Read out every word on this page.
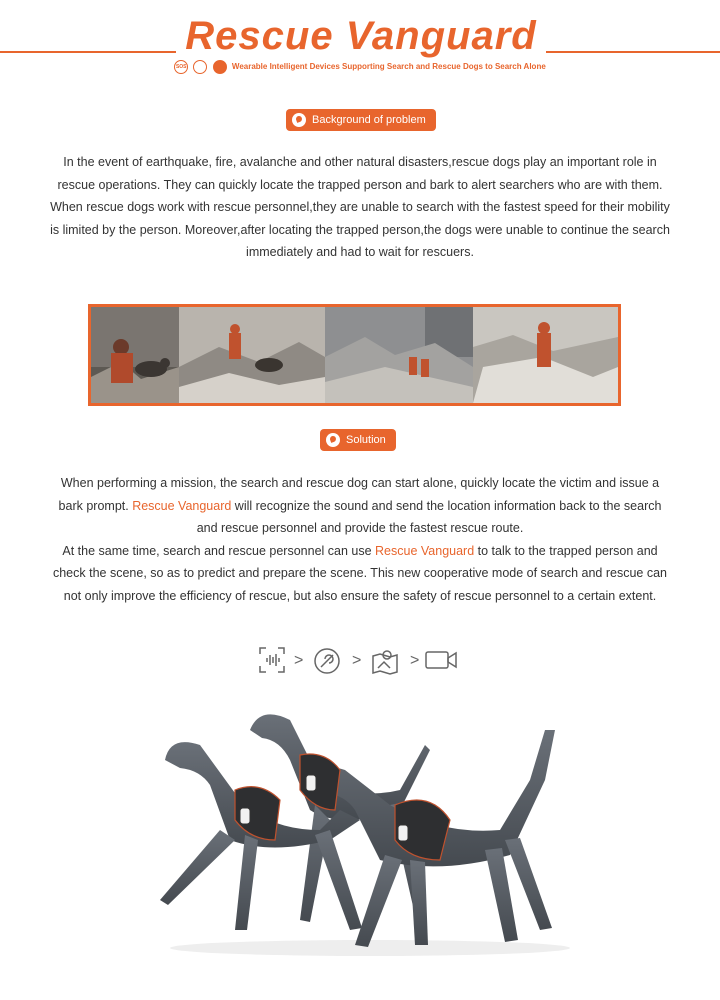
Rescue Vanguard
SOS	Wearable Intelligent Devices Supporting Search and Rescue Dogs to Search Alone
Background of problem

In the event of earthquake, fire, avalanche and other natural disasters,rescue dogs play an important role in rescue operations. They can quickly locate the trapped person and bark to alert searchers who are with them.

When rescue dogs work with rescue personnel,they are unable to search with the fastest speed for their mobility is limited by the person. Moreover,after locating the trapped person,the dogs were unable to continue the search immediately and had to wait for rescuers.

Solution

When performing a mission, the search and rescue dog can start alone, quickly locate the victim and issue a bark prompt. Rescue Vanguard will recognize the sound and send the location information back to the search and rescue personnel and provide the fastest rescue route.

At the same time, search and rescue personnel can use Rescue Vanguard to talk to the trapped person and check the scene, so as to predict and prepare the scene. This new cooperative mode of search and rescue can not only improve the efficiency of rescue, but also ensure the safety of rescue personnel to a certain extent.

>	>	>
